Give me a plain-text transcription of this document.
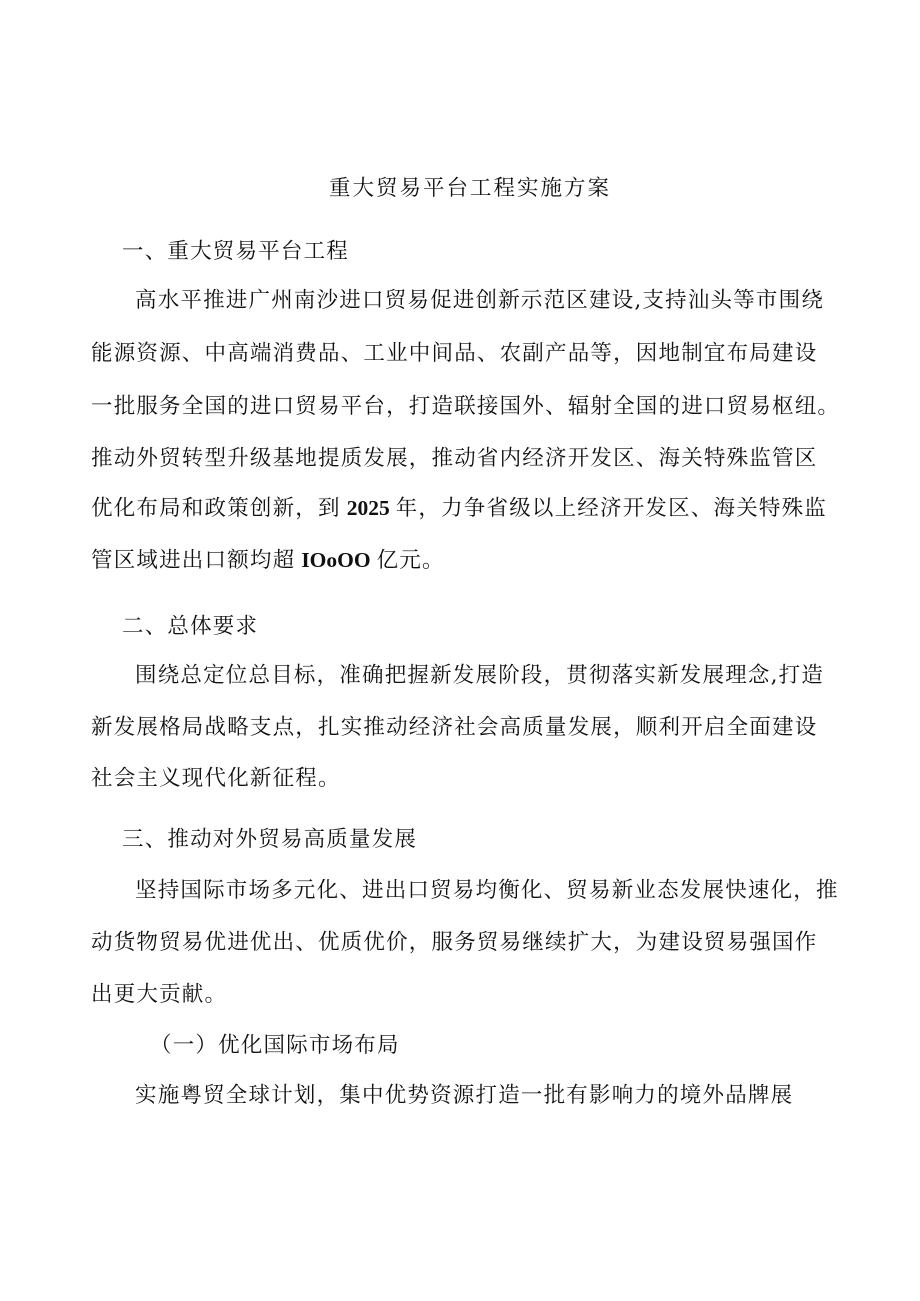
重大贸易平台工程实施方案

一、重大贸易平台工程

高水平推进广州南沙进口贸易促进创新示范区建设,支持汕头等市围绕

能源资源、中高端消费品、工业中间品、农副产品等，因地制宜布局建设

一批服务全国的进口贸易平台，打造联接国外、辐射全国的进口贸易枢纽。

推动外贸转型升级基地提质发展，推动省内经济开发区、海关特殊监管区

优化布局和政策创新，到 2025 年，力争省级以上经济开发区、海关特殊监

管区域进出口额均超 IOoOO 亿元。

二、总体要求

围绕总定位总目标，准确把握新发展阶段，贯彻落实新发展理念,打造

新发展格局战略支点，扎实推动经济社会高质量发展，顺利开启全面建设

社会主义现代化新征程。

三、推动对外贸易高质量发展

坚持国际市场多元化、进出口贸易均衡化、贸易新业态发展快速化，推

动货物贸易优进优出、优质优价，服务贸易继续扩大，为建设贸易强国作

出更大贡献。

（一）优化国际市场布局

实施粤贸全球计划，集中优势资源打造一批有影响力的境外品牌展
